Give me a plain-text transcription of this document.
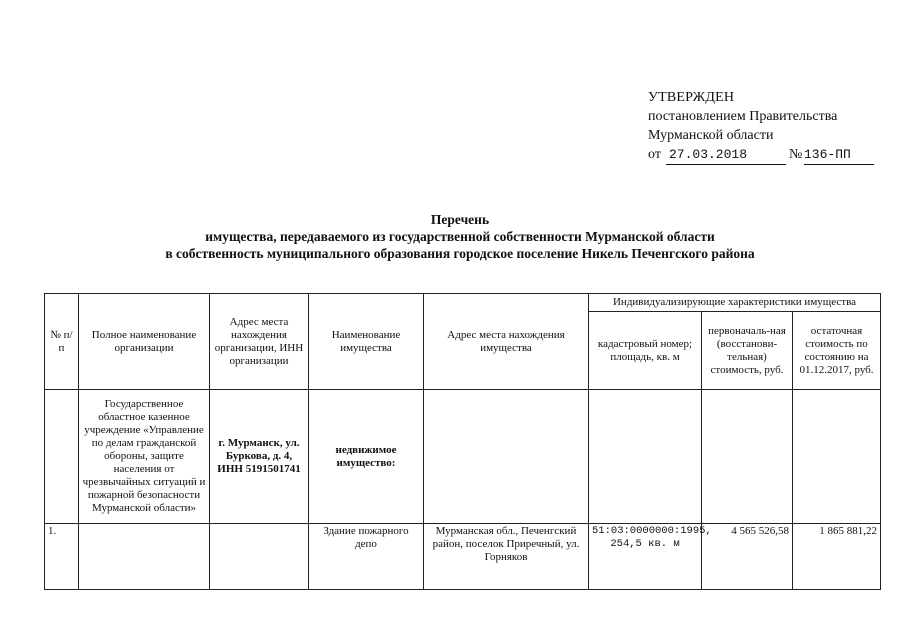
УТВЕРЖДЕН
постановлением Правительства
Мурманской области
от 27.03.2018	№ 136-ПП
Перечень
имущества, передаваемого из государственной собственности Мурманской области
в собственность муниципального образования городское поселение Никель Печенгского района
№ п/п	Полное наименование организации	Адрес места нахождения организации, ИНН организации	Наименование имущества	Адрес места нахождения имущества	Индивидуализирующие характеристики имущества		
					кадастровый номер; площадь, кв. м	первоначаль-ная (восстанови-тельная) стоимость, руб.	остаточная стоимость по состоянию на 01.12.2017, руб.
	Государственное областное казенное учреждение «Управление по делам гражданской обороны, защите населения от чрезвычайных ситуаций и пожарной безопасности Мурманской области»	г. Мурманск, ул. Буркова, д. 4, ИНН 5191501741	недвижимое имущество:				
1.			Здание пожарного депо	Мурманская обл., Печенгский район, поселок Приречный, ул. Горняков	51:03:0000000:1995, 254,5 кв. м	4 565 526,58	1 865 881,22
